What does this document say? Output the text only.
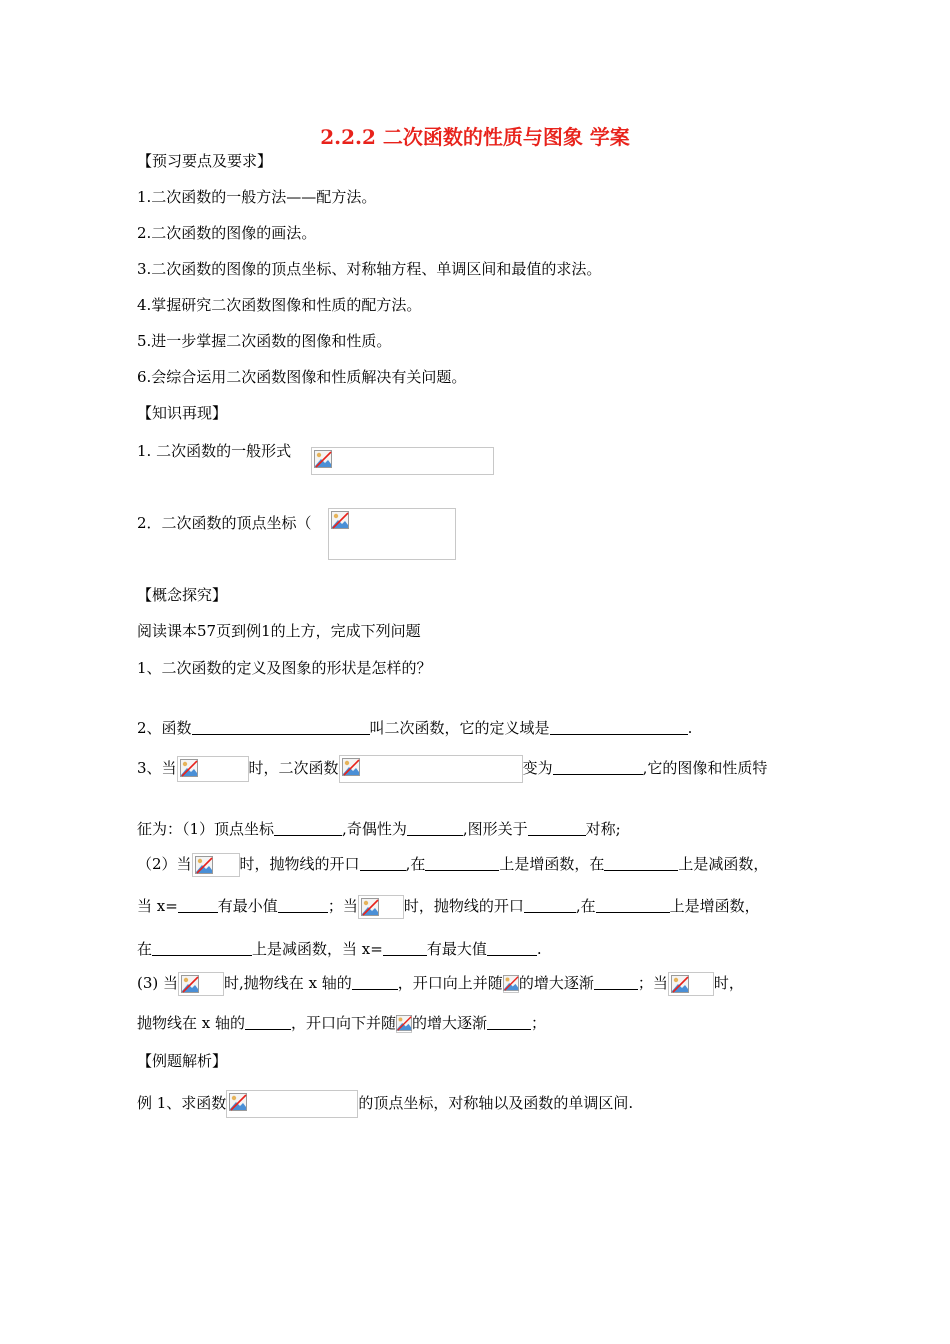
2.2.2 二次函数的性质与图象 学案
【预习要点及要求】
1.二次函数的一般方法——配方法。
2.二次函数的图像的画法。
3.二次函数的图像的顶点坐标、对称轴方程、单调区间和最值的求法。
4.掌握研究二次函数图像和性质的配方法。
5.进一步掌握二次函数的图像和性质。
6.会综合运用二次函数图像和性质解决有关问题。
【知识再现】
1. 二次函数的一般形式
2．二次函数的顶点坐标（
【概念探究】
阅读课本57页到例1的上方，完成下列问题
1、二次函数的定义及图象的形状是怎样的？
2、函数	叫二次函数，它的定义域是	.
3、当	时，二次函数	变为	,它的图像和性质特
征为：（1）顶点坐标	,奇偶性为	,图形关于	对称;
（2）当	时，抛物线的开口	,在	上是增函数，在	上是减函数，
当 x=	有最小值	；当	时，抛物线的开口	,在	上是增函数，
在	上是减函数，当 x=	有最大值	.
(3) 当	时,抛物线在 x 轴的	，开口向上并随 的增大逐渐	；当	时，
抛物线在 x 轴的	，开口向下并随 的增大逐渐	；
【例题解析】
例 1、求函数	的顶点坐标，对称轴以及函数的单调区间.
